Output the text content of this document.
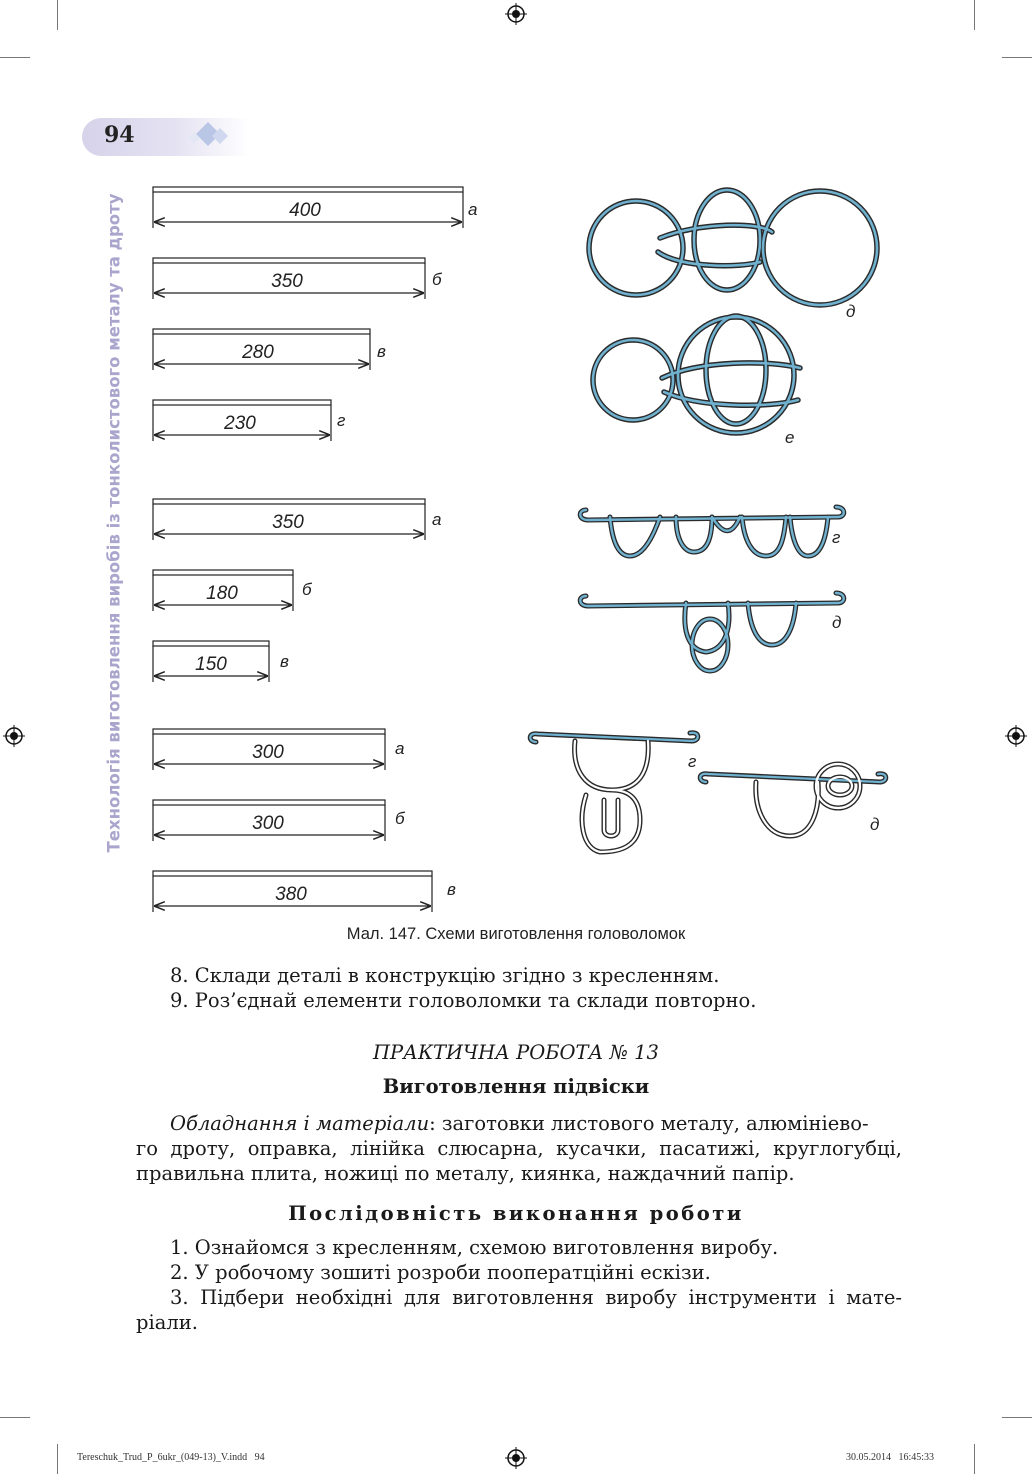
94
Технологія виготовлення виробів із тонколистового металу та дроту	400	а
350	б
280	в
230	г
350	а
180	б
150	в
300	а
300	б
380	в
д
е
г
д
г
д
Мал. 147. Схеми виготовлення головоломок
8. Склади деталі в конструкцію згідно з кресленням.
9. Роз’єднай елементи головоломки та склади повторно.
ПРАКТИЧНА РОБОТА № 13
Виготовлення підвіски
Обладнання і матеріали : заготовки листового металу, алюмініево-
го дроту, оправка, лінійка слюсарна, кусачки, пасатижі, круглогубці,
правильна плита, ножиці по металу, киянка, наждачний папір.
Послідовність виконання роботи
1. Ознайомся з кресленням, схемою виготовлення виробу.
2. У робочому зошиті розроби пооператційні ескізи.
3. Підбери необхідні для виготовлення виробу інструменти і мате-
ріали.
Tereschuk_Trud_P_6ukr_(049-13)_V.indd   94	30.05.2014   16:45:33
